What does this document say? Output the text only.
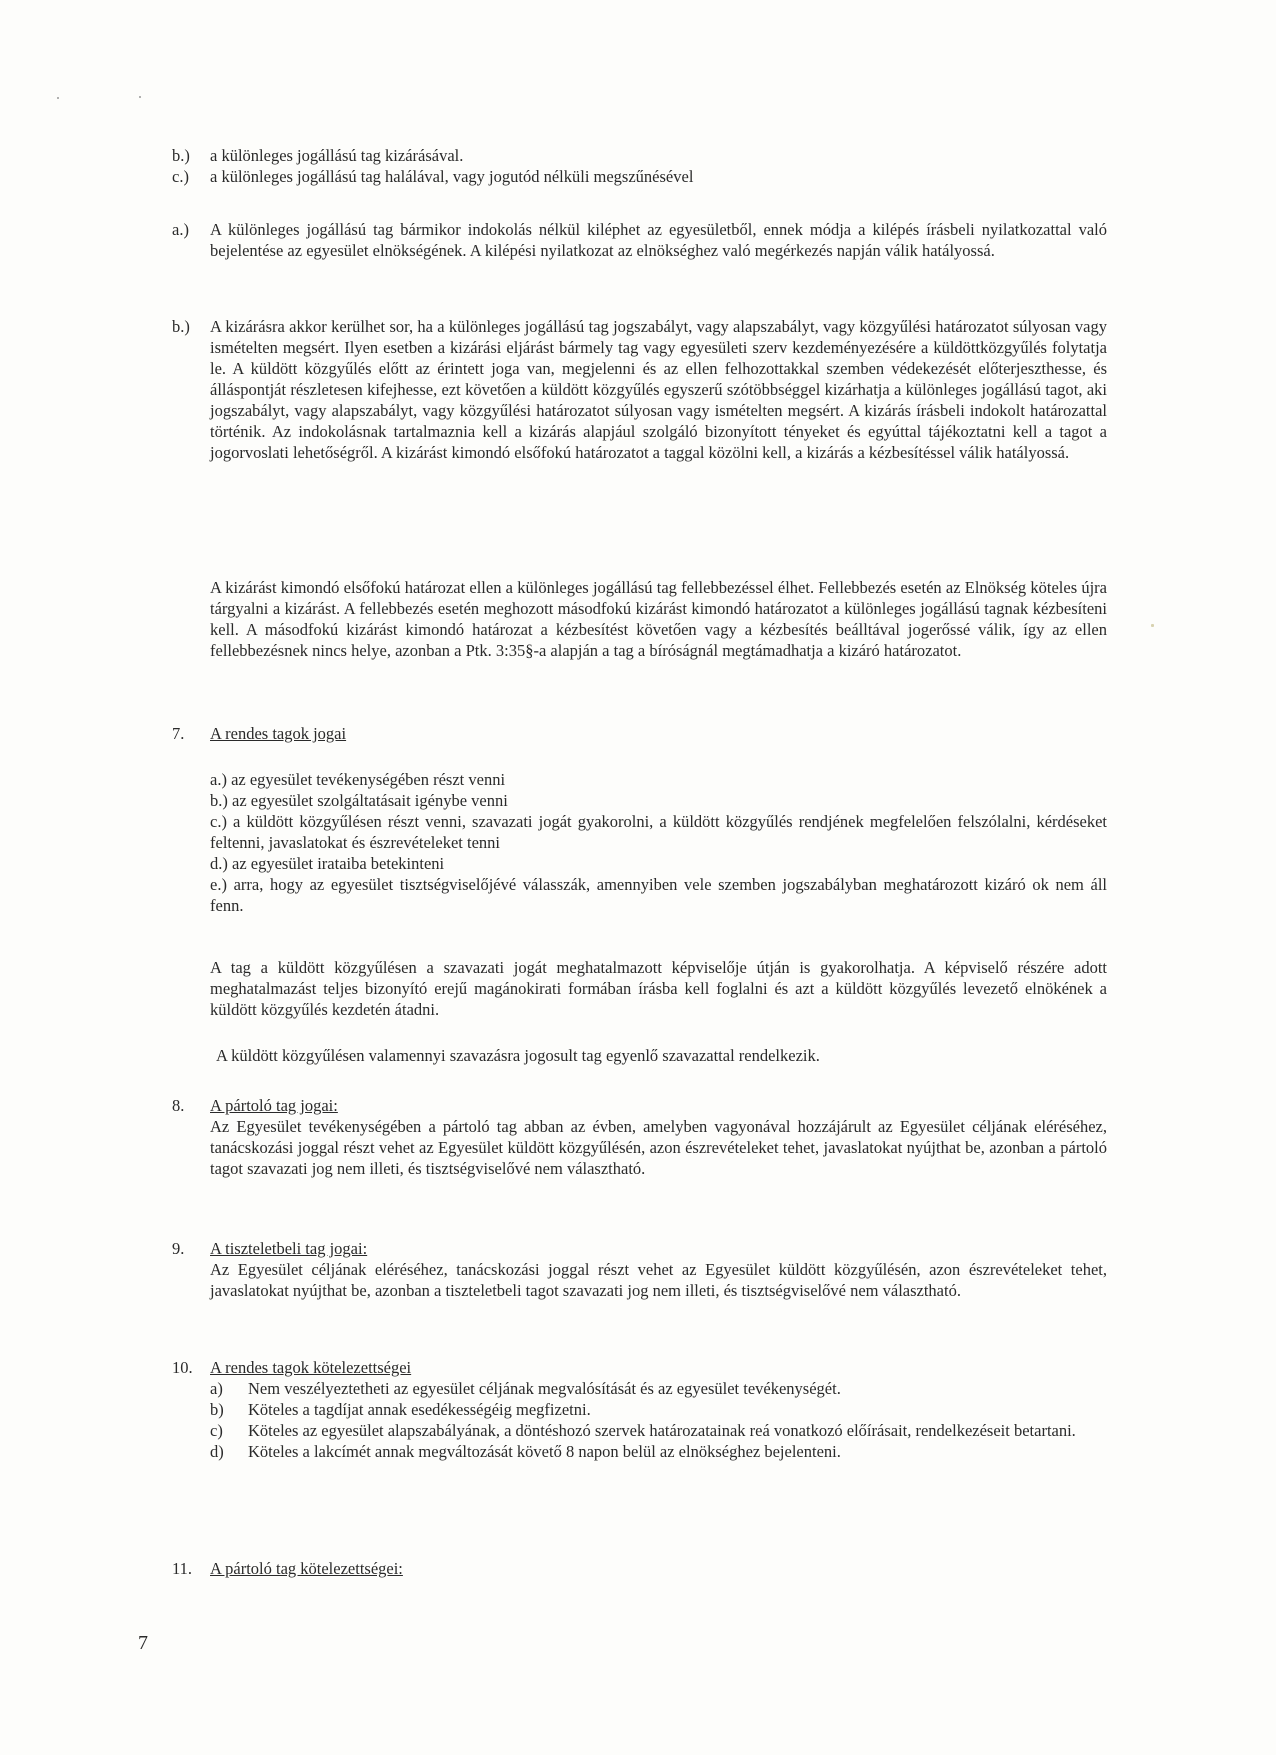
b.)	a különleges jogállású tag kizárásával.
c.)	a különleges jogállású tag halálával, vagy jogutód nélküli megszűnésével
a.)	A különleges jogállású tag bármikor indokolás nélkül kiléphet az egyesületből, ennek módja a kilépés írásbeli nyilatkozattal való bejelentése az egyesület elnökségének. A kilépési nyilatkozat az elnökséghez való megérkezés napján válik hatályossá.
b.)	A kizárásra akkor kerülhet sor, ha a különleges jogállású tag jogszabályt, vagy alapszabályt, vagy közgyűlési határozatot súlyosan vagy ismételten megsért. Ilyen esetben a kizárási eljárást bármely tag vagy egyesületi szerv kezdeményezésére a küldöttközgyűlés folytatja le. A küldött közgyűlés előtt az érintett joga van, megjelenni és az ellen felhozottakkal szemben védekezését előterjeszthesse, és álláspontját részletesen kifejhesse, ezt követően a küldött közgyűlés egyszerű szótöbbséggel kizárhatja a különleges jogállású tagot, aki jogszabályt, vagy alapszabályt, vagy közgyűlési határozatot súlyosan vagy ismételten megsért. A kizárás írásbeli indokolt határozattal történik. Az indokolásnak tartalmaznia kell a kizárás alapjául szolgáló bizonyított tényeket és egyúttal tájékoztatni kell a tagot a jogorvoslati lehetőségről. A kizárást kimondó elsőfokú határozatot a taggal közölni kell, a kizárás a kézbesítéssel válik hatályossá.
A kizárást kimondó elsőfokú határozat ellen a különleges jogállású tag fellebbezéssel élhet. Fellebbezés esetén az Elnökség köteles újra tárgyalni a kizárást. A fellebbezés esetén meghozott másodfokú kizárást kimondó határozatot a különleges jogállású tagnak kézbesíteni kell. A másodfokú kizárást kimondó határozat a kézbesítést követően vagy a kézbesítés beálltával jogerőssé válik, így az ellen fellebbezésnek nincs helye, azonban a Ptk. 3:35§-a alapján a tag a bíróságnál megtámadhatja a kizáró határozatot.
7.	A rendes tagok jogai
a.) az egyesület tevékenységében részt venni
b.) az egyesület szolgáltatásait igénybe venni
c.) a küldött közgyűlésen részt venni, szavazati jogát gyakorolni, a küldött közgyűlés rendjének megfelelően felszólalni, kérdéseket feltenni, javaslatokat és észrevételeket tenni
d.) az egyesület irataiba betekinteni
e.) arra, hogy az egyesület tisztségviselőjévé válasszák, amennyiben vele szemben jogszabályban meghatározott kizáró ok nem áll fenn.
A tag a küldött közgyűlésen a szavazati jogát meghatalmazott képviselője útján is gyakorolhatja. A képviselő részére adott meghatalmazást teljes bizonyító erejű magánokirati formában írásba kell foglalni és azt a küldött közgyűlés levezető elnökének a küldött közgyűlés kezdetén átadni.
A küldött közgyűlésen valamennyi szavazásra jogosult tag egyenlő szavazattal rendelkezik.
8.	A pártoló tag jogai:
Az Egyesület tevékenységében a pártoló tag abban az évben, amelyben vagyonával hozzájárult az Egyesület céljának eléréséhez, tanácskozási joggal részt vehet az Egyesület küldött közgyűlésén, azon észrevételeket tehet, javaslatokat nyújthat be, azonban a pártoló tagot szavazati jog nem illeti, és tisztségviselővé nem választható.
9.	A tiszteletbeli tag jogai:
Az Egyesület céljának eléréséhez, tanácskozási joggal részt vehet az Egyesület küldött közgyűlésén, azon észrevételeket tehet, javaslatokat nyújthat be, azonban a tiszteletbeli tagot szavazati jog nem illeti, és tisztségviselővé nem választható.
10.	A rendes tagok kötelezettségei
a)	Nem veszélyeztetheti az egyesület céljának megvalósítását és az egyesület tevékenységét.
b)	Köteles a tagdíjat annak esedékességéig megfizetni.
c)	Köteles az egyesület alapszabályának, a döntéshozó szervek határozatainak reá vonatkozó előírásait, rendelkezéseit betartani.
d)	Köteles a lakcímét annak megváltozását követő 8 napon belül az elnökséghez bejelenteni.
11.	A pártoló tag kötelezettségei:
7
